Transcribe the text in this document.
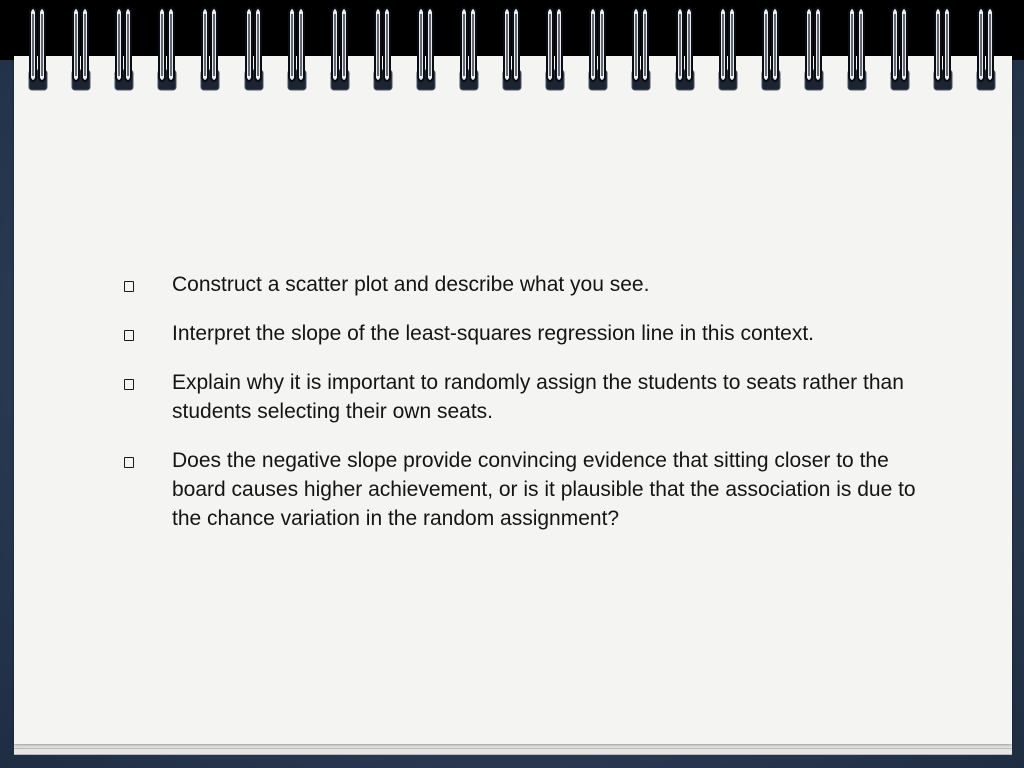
Construct a scatter plot and describe what you see.
Interpret the slope of the least-squares regression line in this context.
Explain why it is important to randomly assign the students to seats rather than students selecting their own seats.
Does the negative slope provide convincing evidence that sitting closer to the board causes higher achievement, or is it plausible that the association is due to the chance variation in the random assignment?
